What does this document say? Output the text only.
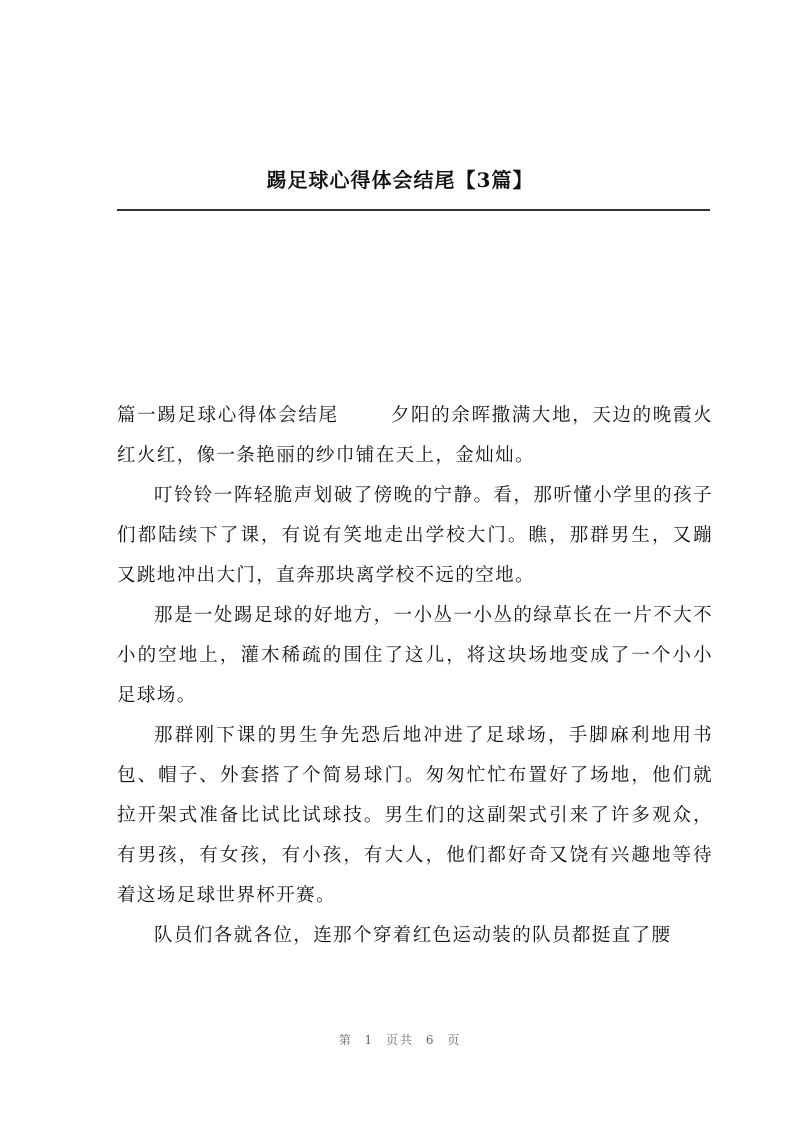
踢足球心得体会结尾【3篇】

篇一踢足球心得体会结尾	夕阳的余晖撒满大地，天边的晚霞火红火红，像一条艳丽的纱巾铺在天上，金灿灿。

叮铃铃一阵轻脆声划破了傍晚的宁静。看，那听懂小学里的孩子们都陆续下了课，有说有笑地走出学校大门。瞧，那群男生，又蹦又跳地冲出大门，直奔那块离学校不远的空地。

那是一处踢足球的好地方，一小丛一小丛的绿草长在一片不大不小的空地上，灌木稀疏的围住了这儿，将这块场地变成了一个小小足球场。

那群刚下课的男生争先恐后地冲进了足球场，手脚麻利地用书包、帽子、外套搭了个简易球门。匆匆忙忙布置好了场地，他们就拉开架式准备比试比试球技。男生们的这副架式引来了许多观众，有男孩，有女孩，有小孩，有大人，他们都好奇又饶有兴趣地等待着这场足球世界杯开赛。

队员们各就各位，连那个穿着红色运动装的队员都挺直了腰

第 1 页共 6 页
